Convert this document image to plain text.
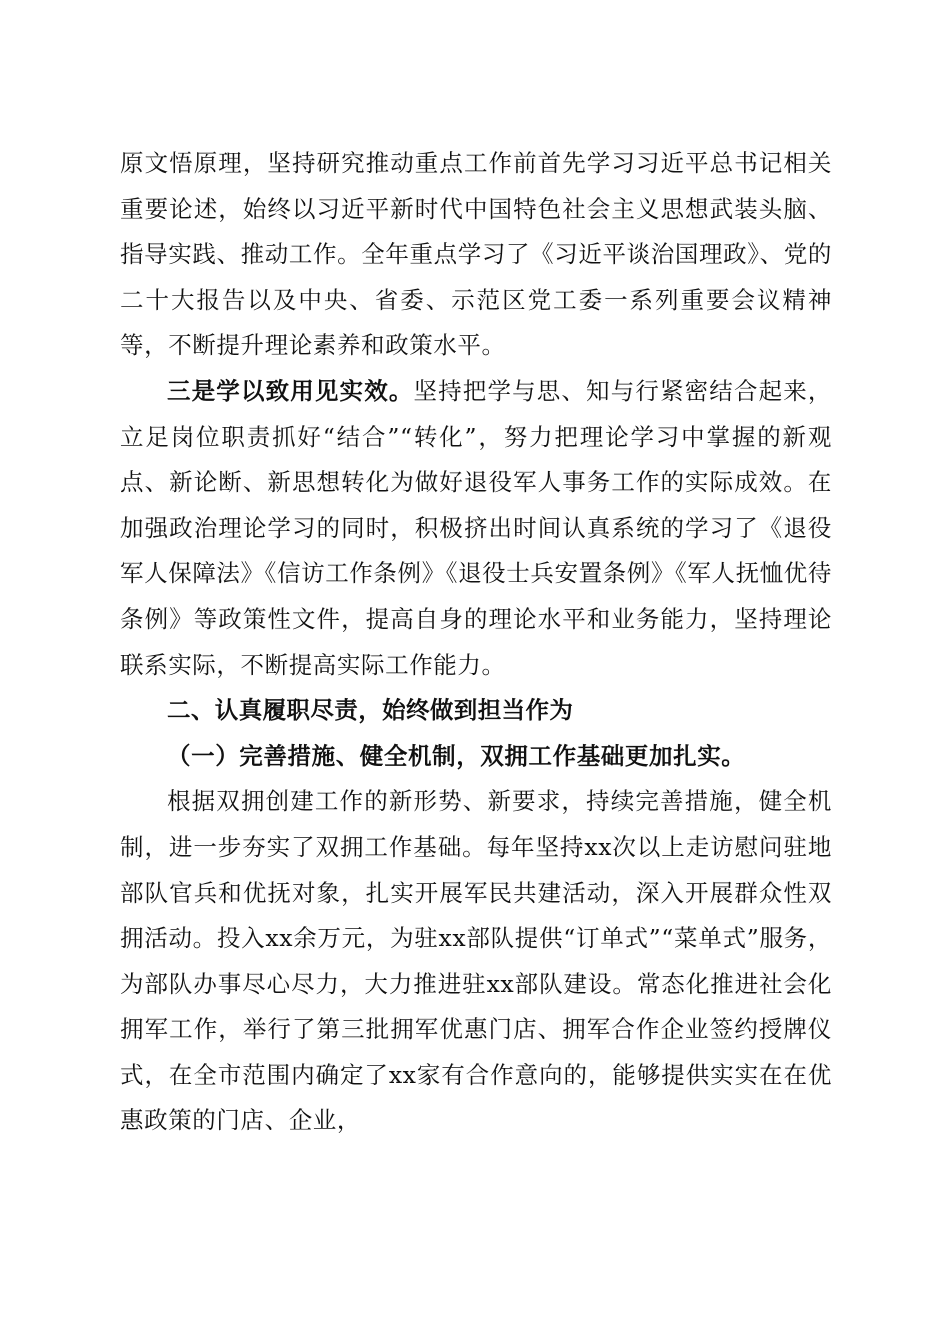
原文悟原理，坚持研究推动重点工作前首先学习习近平总书记相关重要论述，始终以习近平新时代中国特色社会主义思想武装头脑、指导实践、推动工作。全年重点学习了《习近平谈治国理政》、党的二十大报告以及中央、省委、示范区党工委一系列重要会议精神等，不断提升理论素养和政策水平。

三是学以致用见实效。坚持把学与思、知与行紧密结合起来，立足岗位职责抓好“结合”“转化”，努力把理论学习中掌握的新观点、新论断、新思想转化为做好退役军人事务工作的实际成效。在加强政治理论学习的同时，积极挤出时间认真系统的学习了《退役军人保障法》《信访工作条例》《退役士兵安置条例》《军人抚恤优待条例》等政策性文件，提高自身的理论水平和业务能力，坚持理论联系实际，不断提高实际工作能力。

二、认真履职尽责，始终做到担当作为

（一）完善措施、健全机制，双拥工作基础更加扎实。

根据双拥创建工作的新形势、新要求，持续完善措施，健全机制，进一步夯实了双拥工作基础。每年坚持xx次以上走访慰问驻地部队官兵和优抚对象，扎实开展军民共建活动，深入开展群众性双拥活动。投入xx余万元，为驻xx部队提供“订单式”“菜单式”服务，为部队办事尽心尽力，大力推进驻xx部队建设。常态化推进社会化拥军工作，举行了第三批拥军优惠门店、拥军合作企业签约授牌仪式，在全市范围内确定了xx家有合作意向的，能够提供实实在在优惠政策的门店、企业，
